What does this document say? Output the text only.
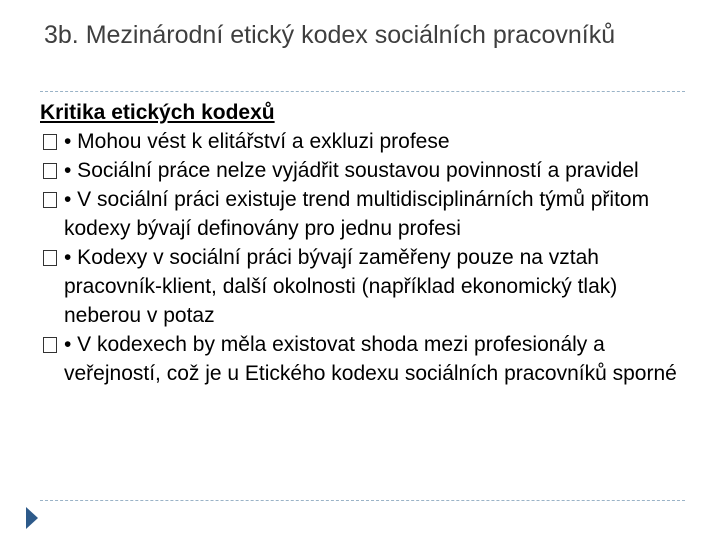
3b. Mezinárodní etický kodex sociálních pracovníků
Kritika etických kodexů
• Mohou vést k elitářství a exkluzi profese
• Sociální práce nelze vyjádřit soustavou povinností a pravidel
• V sociální práci existuje trend multidisciplinárních týmů přitom kodexy bývají definovány pro jednu profesi
• Kodexy v sociální práci bývají zaměřeny pouze na vztah pracovník-klient, další okolnosti (například ekonomický tlak) neberou v potaz
• V kodexech by měla existovat shoda mezi profesionály a veřejností, což je u Etického kodexu sociálních pracovníků sporné
